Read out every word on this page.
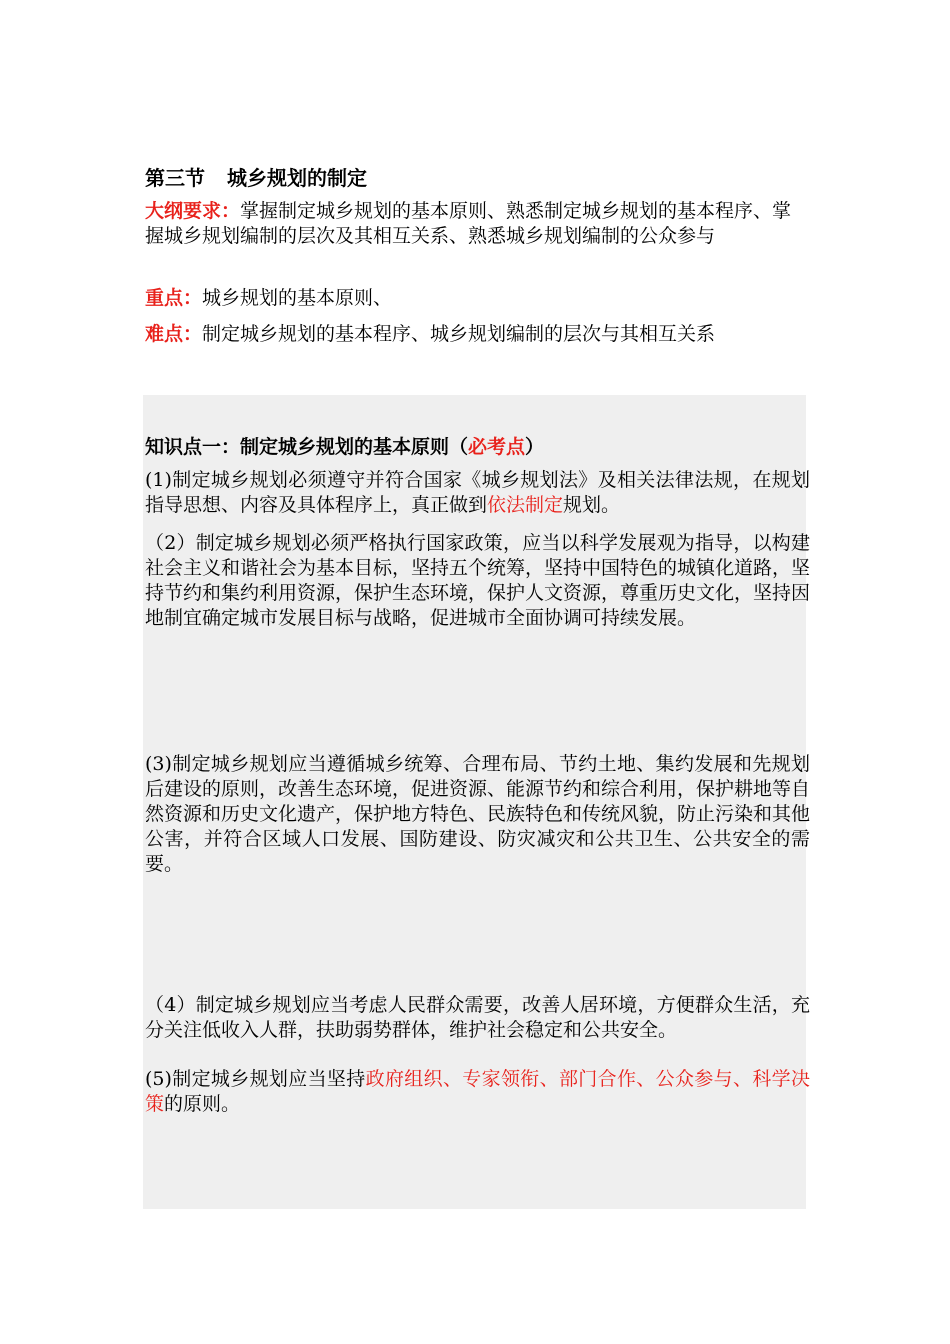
第三节 城乡规划的制定
大纲要求：掌握制定城乡规划的基本原则、熟悉制定城乡规划的基本程序、掌握城乡规划编制的层次及其相互关系、熟悉城乡规划编制的公众参与
重点：城乡规划的基本原则、
难点：制定城乡规划的基本程序、城乡规划编制的层次与其相互关系
知识点一：制定城乡规划的基本原则（必考点）
(1)制定城乡规划必须遵守并符合国家《城乡规划法》及相关法律法规，在规划指导思想、内容及具体程序上，真正做到依法制定规划。
（2）制定城乡规划必须严格执行国家政策，应当以科学发展观为指导，以构建社会主义和谐社会为基本目标，坚持五个统筹，坚持中国特色的城镇化道路，坚持节约和集约利用资源，保护生态环境，保护人文资源，尊重历史文化，坚持因地制宜确定城市发展目标与战略，促进城市全面协调可持续发展。
(3)制定城乡规划应当遵循城乡统筹、合理布局、节约土地、集约发展和先规划后建设的原则，改善生态环境，促进资源、能源节约和综合利用，保护耕地等自然资源和历史文化遗产，保护地方特色、民族特色和传统风貌，防止污染和其他公害，并符合区域人口发展、国防建设、防灾减灾和公共卫生、公共安全的需要。
（4）制定城乡规划应当考虑人民群众需要，改善人居环境，方便群众生活，充分关注低收入人群，扶助弱势群体，维护社会稳定和公共安全。
(5)制定城乡规划应当坚持政府组织、专家领衔、部门合作、公众参与、科学决策的原则。
